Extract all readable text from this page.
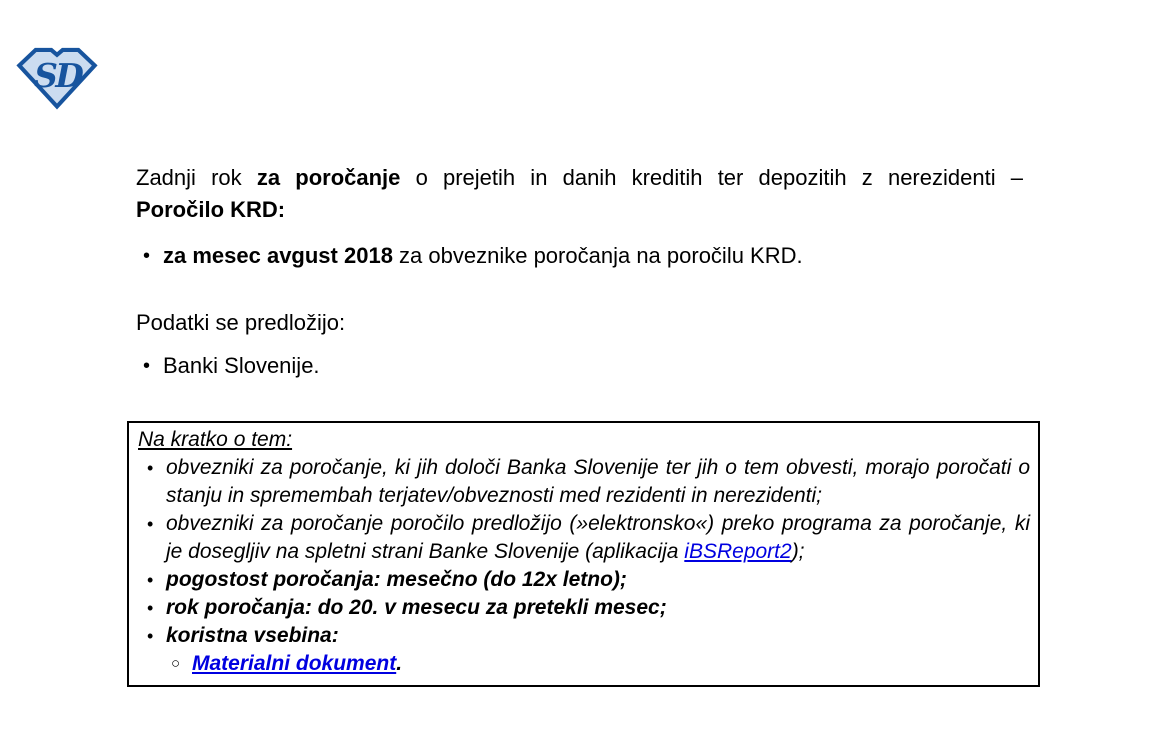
SD

Zadnji rok za poročanje o prejetih in danih kreditih ter depozitih z nerezidenti –

Poročilo KRD:

• za mesec avgust 2018 za obveznike poročanja na poročilu KRD.

Podatki se predložijo:

• Banki Slovenije.

Na kratko o tem:
• obvezniki za poročanje, ki jih določi Banka Slovenije ter jih o tem obvesti, morajo poročati o stanju in spremembah terjatev/obveznosti med rezidenti in nerezidenti;
• obvezniki za poročanje poročilo predložijo (»elektronsko«) preko programa za poročanje, ki je dosegljiv na spletni strani Banke Slovenije (aplikacija iBSReport2);
• pogostost poročanja: mesečno (do 12x letno);
• rok poročanja: do 20. v mesecu za pretekli mesec;
• koristna vsebina:
○ Materialni dokument.
